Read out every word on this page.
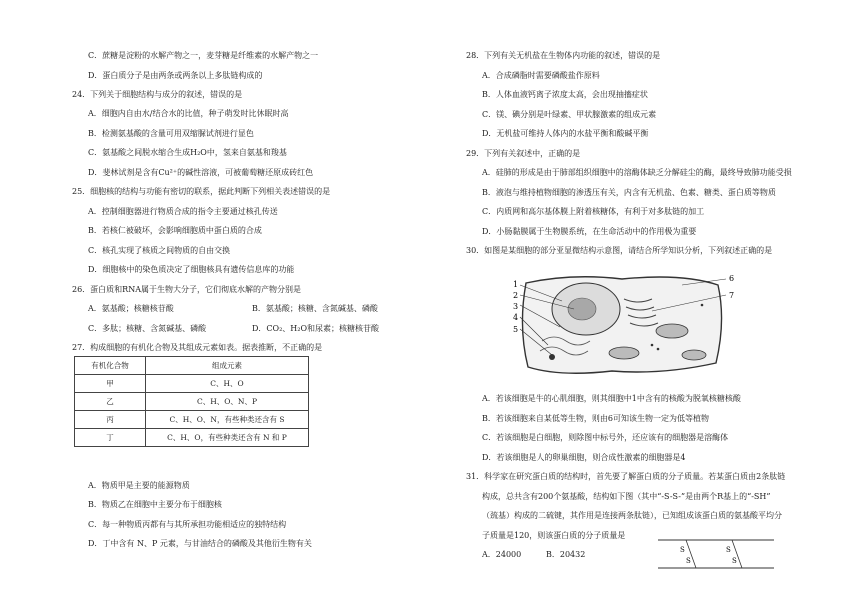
C．蔗糖是淀粉的水解产物之一，麦芽糖是纤维素的水解产物之一
D．蛋白质分子是由两条或两条以上多肽链构成的
24．下列关于细胞结构与成分的叙述，错误的是
A．细胞内自由水/结合水的比值，种子萌发时比休眠时高
B．检测氨基酸的含量可用双缩脲试剂进行显色
C．氨基酸之间脱水缩合生成H₂O中，氢来自氨基和羧基
D．斐林试剂是含有Cu²⁺的碱性溶液，可被葡萄糖还原成砖红色
25．细胞核的结构与功能有密切的联系，据此判断下列相关表述错误的是
A．控制细胞器进行物质合成的指令主要通过核孔传送
B．若核仁被破坏，会影响细胞质中蛋白质的合成
C．核孔实现了核质之间物质的自由交换
D．细胞核中的染色质决定了细胞核具有遗传信息库的功能
26．蛋白质和RNA属于生物大分子，它们彻底水解的产物分别是
A．氨基酸；核糖核苷酸	B．氨基酸；核糖、含氮碱基、磷酸
C．多肽；核糖、含氮碱基、磷酸	D．CO₂、H₂O和尿素；核糖核苷酸
27．构成细胞的有机化合物及其组成元素如表。据表推断，不正确的是
有机化合物	组成元素
甲	C、H、O
乙	C、H、O、N、P
丙	C、H、O、N，有些种类还含有 S
丁	C、H、O，有些种类还含有 N 和 P
A．物质甲是主要的能源物质
B．物质乙在细胞中主要分布于细胞核
C．每一种物质丙都有与其所承担功能相适应的独特结构
D．丁中含有 N、P 元素，与甘油结合的磷酸及其他衍生物有关
28．下列有关无机盐在生物体内功能的叙述，错误的是
A．合成磷脂时需要磷酸盐作原料
B．人体血液钙离子浓度太高，会出现抽搐症状
C．镁、碘分别是叶绿素、甲状腺激素的组成元素
D．无机盐可维持人体内的水盐平衡和酸碱平衡
29．下列有关叙述中，正确的是
A．硅肺的形成是由于肺部组织细胞中的溶酶体缺乏分解硅尘的酶，最终导致肺功能受损
B．液泡与维持植物细胞的渗透压有关，内含有无机盐、色素、糖类、蛋白质等物质
C．内质网和高尔基体膜上附着核糖体，有利于对多肽链的加工
D．小肠黏膜属于生物膜系统，在生命活动中的作用极为重要
30．如图是某细胞的部分亚显微结构示意图，请结合所学知识分析，下列叙述正确的是
A．若该细胞是牛的心肌细胞，则其细胞中1中含有的核酸为脱氧核糖核酸
B．若该细胞来自某低等生物，则由6可知该生物一定为低等植物
C．若该细胞是白细胞，则除图中标号外，还应该有的细胞器是溶酶体
D．若该细胞是人的卵巢细胞，则合成性激素的细胞器是4
31．科学家在研究蛋白质的结构时，首先要了解蛋白质的分子质量。若某蛋白质由2条肽链
构成，总共含有200个氨基酸，结构如下图（其中“-S-S-”是由两个R基上的“-SH”
（巯基）构成的二硫键，其作用是连接两条肽链），已知组成该蛋白质的氨基酸平均分
子质量是120，则该蛋白质的分子质量是
A．24000	B．20432
1
2
3
4
5
6
7
S
S
S
S
